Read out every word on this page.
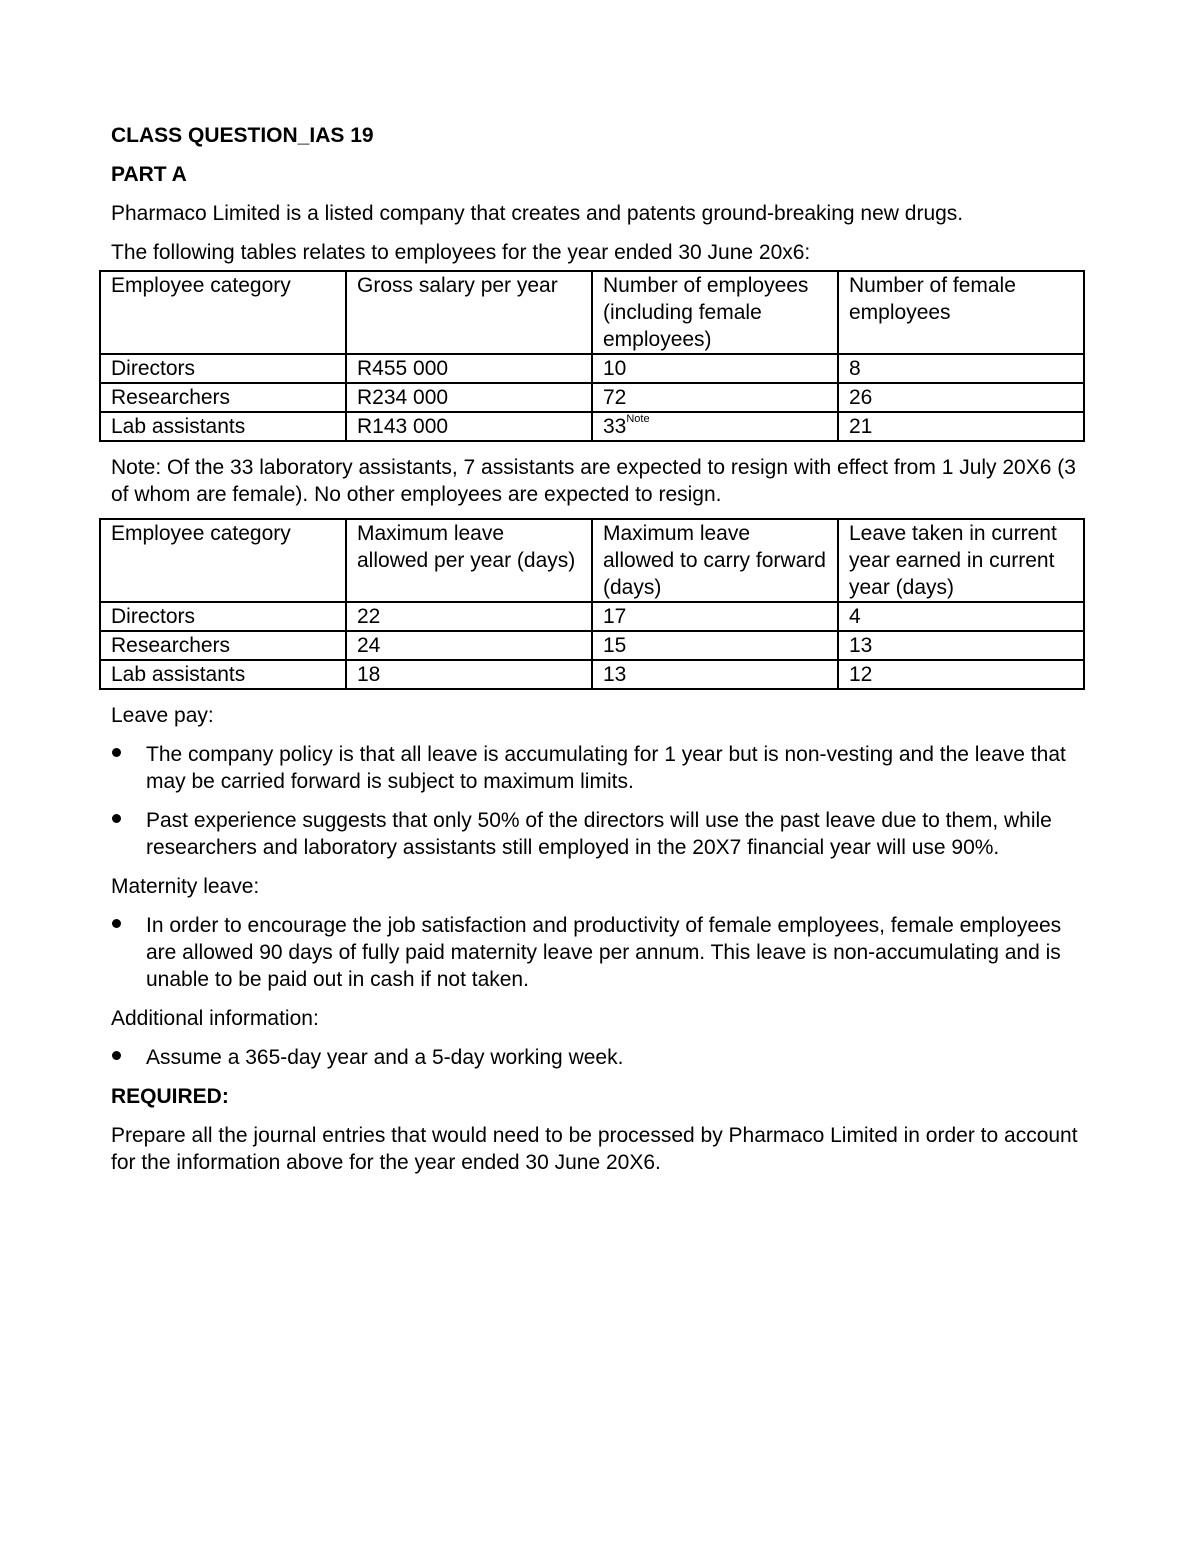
CLASS QUESTION_IAS 19

PART A

Pharmaco Limited is a listed company that creates and patents ground-breaking new drugs.

The following tables relates to employees for the year ended 30 June 20x6:

Employee category	Gross salary per year	Number of employees (including female employees)	Number of female employees
Directors	R455 000	10	8
Researchers	R234 000	72	26
Lab assistants	R143 000	33$^{Note}$	21

Note: Of the 33 laboratory assistants, 7 assistants are expected to resign with effect from 1 July 20X6 (3 of whom are female). No other employees are expected to resign.

Employee category	Maximum leave allowed per year (days)	Maximum leave allowed to carry forward (days)	Leave taken in current year earned in current year (days)
Directors	22	17	4
Researchers	24	15	13
Lab assistants	18	13	12

Leave pay:

The company policy is that all leave is accumulating for 1 year but is non-vesting and the leave that may be carried forward is subject to maximum limits.
Past experience suggests that only 50% of the directors will use the past leave due to them, while researchers and laboratory assistants still employed in the 20X7 financial year will use 90%.

Maternity leave:

In order to encourage the job satisfaction and productivity of female employees, female employees are allowed 90 days of fully paid maternity leave per annum. This leave is non-accumulating and is unable to be paid out in cash if not taken.

Additional information:

Assume a 365-day year and a 5-day working week.

REQUIRED:

Prepare all the journal entries that would need to be processed by Pharmaco Limited in order to account for the information above for the year ended 30 June 20X6.
